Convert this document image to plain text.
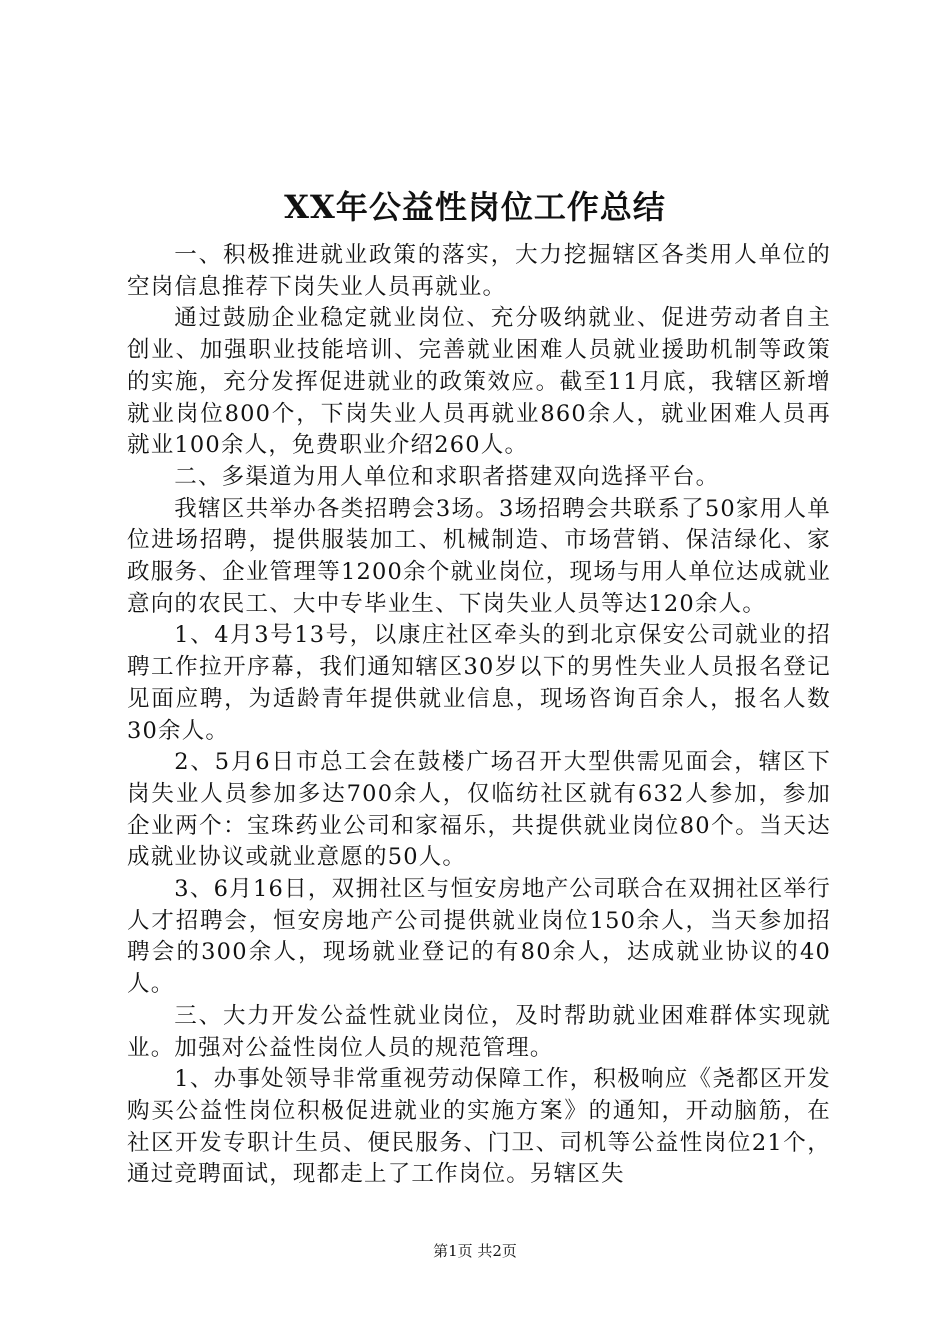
XX年公益性岗位工作总结

一、积极推进就业政策的落实，大力挖掘辖区各类用人单位的空岗信息推荐下岗失业人员再就业。

通过鼓励企业稳定就业岗位、充分吸纳就业、促进劳动者自主创业、加强职业技能培训、完善就业困难人员就业援助机制等政策的实施，充分发挥促进就业的政策效应。截至11月底，我辖区新增就业岗位800个，下岗失业人员再就业860余人，就业困难人员再就业100余人，免费职业介绍260人。

二、多渠道为用人单位和求职者搭建双向选择平台。

我辖区共举办各类招聘会3场。3场招聘会共联系了50家用人单位进场招聘，提供服装加工、机械制造、市场营销、保洁绿化、家政服务、企业管理等1200余个就业岗位，现场与用人单位达成就业意向的农民工、大中专毕业生、下岗失业人员等达120余人。

1、4月3号13号，以康庄社区牵头的到北京保安公司就业的招聘工作拉开序幕，我们通知辖区30岁以下的男性失业人员报名登记见面应聘，为适龄青年提供就业信息，现场咨询百余人，报名人数30余人。

2、5月6日市总工会在鼓楼广场召开大型供需见面会，辖区下岗失业人员参加多达700余人，仅临纺社区就有632人参加，参加企业两个：宝珠药业公司和家福乐，共提供就业岗位80个。当天达成就业协议或就业意愿的50人。

3、6月16日，双拥社区与恒安房地产公司联合在双拥社区举行人才招聘会，恒安房地产公司提供就业岗位150余人，当天参加招聘会的300余人，现场就业登记的有80余人，达成就业协议的40人。

三、大力开发公益性就业岗位，及时帮助就业困难群体实现就业。加强对公益性岗位人员的规范管理。

1、办事处领导非常重视劳动保障工作，积极响应《尧都区开发购买公益性岗位积极促进就业的实施方案》的通知，开动脑筋，在社区开发专职计生员、便民服务、门卫、司机等公益性岗位21个，通过竞聘面试，现都走上了工作岗位。另辖区失

第1页 共2页
